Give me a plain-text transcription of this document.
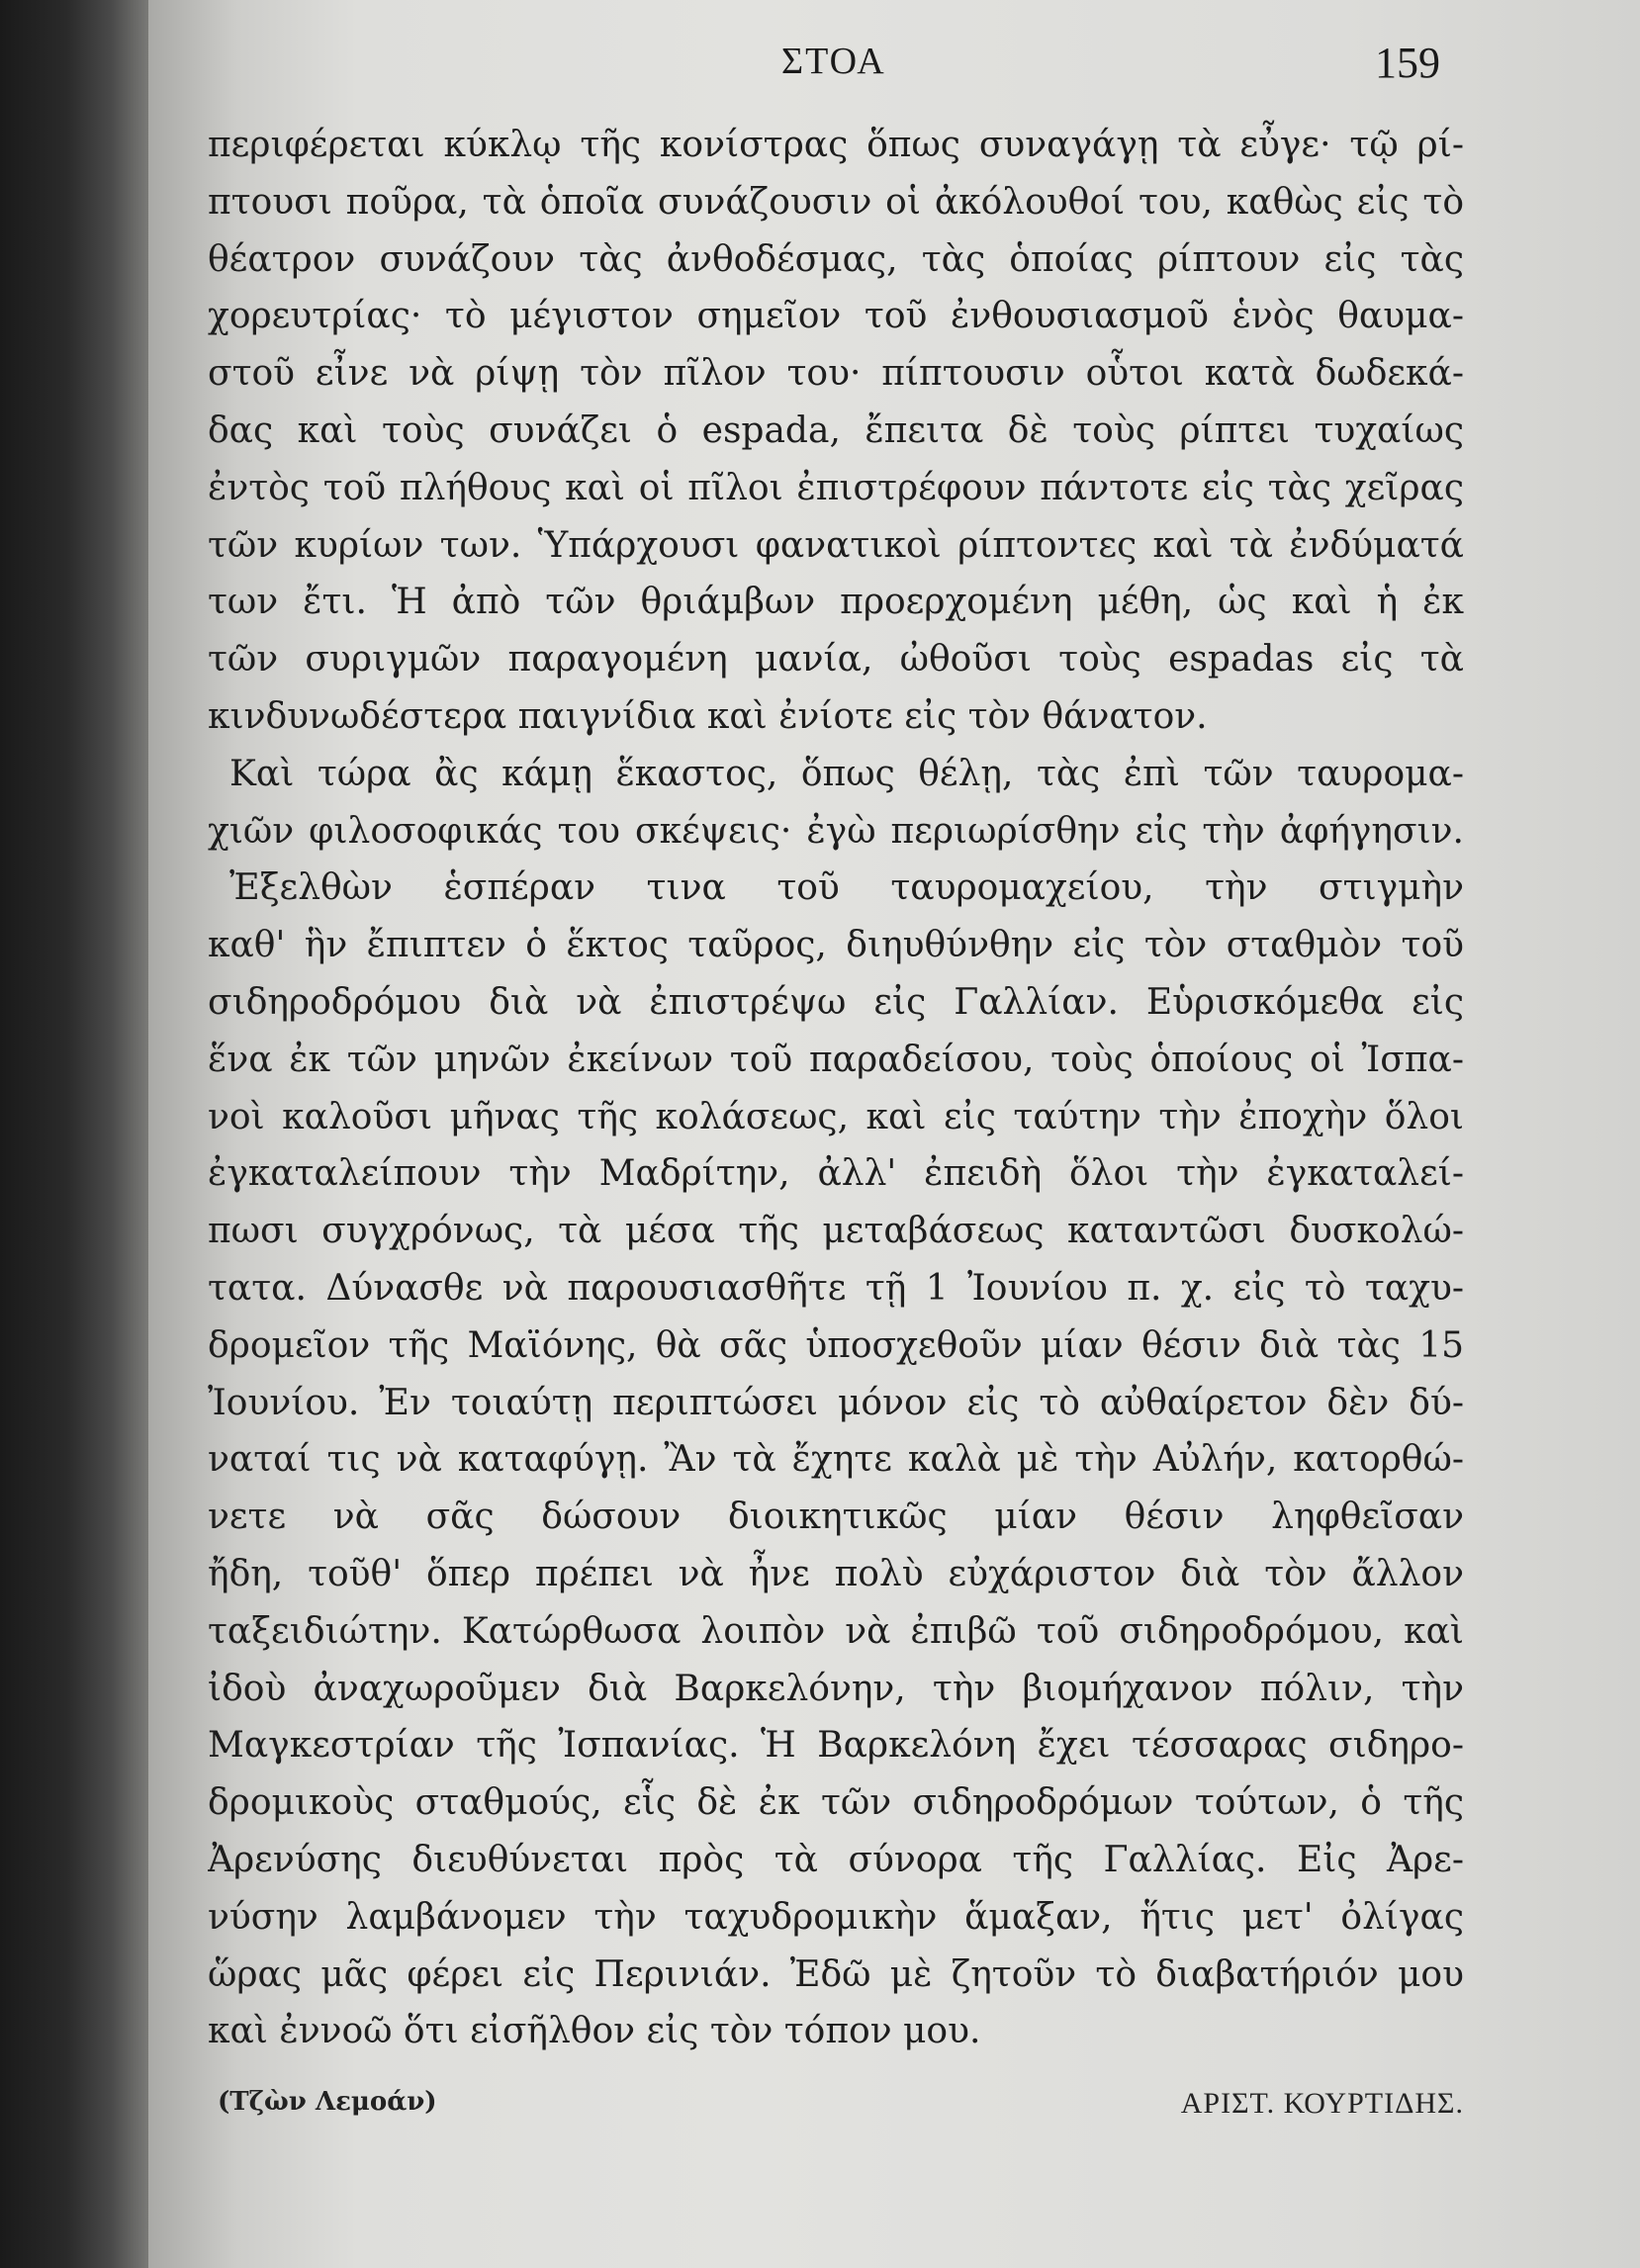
ΣΤΟΑ	159
περιφέρεται κύκλῳ τῆς κονίστρας ὅπως συναγάγῃ τὰ εὖγε· τῷ ρί-
πτουσι ποῦρα, τὰ ὁποῖα συνάζουσιν οἱ ἀκόλουθοί του, καθὼς εἰς τὸ
θέατρον συνάζουν τὰς ἀνθοδέσμας, τὰς ὁποίας ρίπτουν εἰς τὰς
χορευτρίας· τὸ μέγιστον σημεῖον τοῦ ἐνθουσιασμοῦ ἑνὸς θαυμα-
στοῦ εἶνε νὰ ρίψῃ τὸν πῖλον του· πίπτουσιν οὗτοι κατὰ δωδεκά-
δας καὶ τοὺς συνάζει ὁ espada, ἔπειτα δὲ τοὺς ρίπτει τυχαίως
ἐντὸς τοῦ πλήθους καὶ οἱ πῖλοι ἐπιστρέφουν πάντοτε εἰς τὰς χεῖρας
τῶν κυρίων των. Ὑπάρχουσι φανατικοὶ ρίπτοντες καὶ τὰ ἐνδύματά
των ἔτι. Ἡ ἀπὸ τῶν θριάμβων προερχομένη μέθη, ὡς καὶ ἡ ἐκ
τῶν συριγμῶν παραγομένη μανία, ὠθοῦσι τοὺς espadas εἰς τὰ
κινδυνωδέστερα παιγνίδια καὶ ἐνίοτε εἰς τὸν θάνατον.
Καὶ τώρα ἂς κάμῃ ἕκαστος, ὅπως θέλῃ, τὰς ἐπὶ τῶν ταυρομα-
χιῶν φιλοσοφικάς του σκέψεις· ἐγὼ περιωρίσθην εἰς τὴν ἀφήγησιν.
Ἐξελθὼν ἑσπέραν τινα τοῦ ταυρομαχείου, τὴν στιγμὴν
καθ' ἣν ἔπιπτεν ὁ ἕκτος ταῦρος, διηυθύνθην εἰς τὸν σταθμὸν τοῦ
σιδηροδρόμου διὰ νὰ ἐπιστρέψω εἰς Γαλλίαν. Εὑρισκόμεθα εἰς
ἕνα ἐκ τῶν μηνῶν ἐκείνων τοῦ παραδείσου, τοὺς ὁποίους οἱ Ἰσπα-
νοὶ καλοῦσι μῆνας τῆς κολάσεως, καὶ εἰς ταύτην τὴν ἐποχὴν ὅλοι
ἐγκαταλείπουν τὴν Μαδρίτην, ἀλλ' ἐπειδὴ ὅλοι τὴν ἐγκαταλεί-
πωσι συγχρόνως, τὰ μέσα τῆς μεταβάσεως καταντῶσι δυσκολώ-
τατα. Δύνασθε νὰ παρουσιασθῆτε τῇ 1 Ἰουνίου π. χ. εἰς τὸ ταχυ-
δρομεῖον τῆς Μαϊόνης, θὰ σᾶς ὑποσχεθοῦν μίαν θέσιν διὰ τὰς 15
Ἰουνίου. Ἐν τοιαύτῃ περιπτώσει μόνον εἰς τὸ αὐθαίρετον δὲν δύ-
ναταί τις νὰ καταφύγῃ. Ἂν τὰ ἔχητε καλὰ μὲ τὴν Αὐλήν, κατορθώ-
νετε νὰ σᾶς δώσουν διοικητικῶς μίαν θέσιν ληφθεῖσαν
ἤδη, τοῦθ' ὅπερ πρέπει νὰ ἦνε πολὺ εὐχάριστον διὰ τὸν ἄλλον
ταξειδιώτην. Κατώρθωσα λοιπὸν νὰ ἐπιβῶ τοῦ σιδηροδρόμου, καὶ
ἰδοὺ ἀναχωροῦμεν διὰ Βαρκελόνην, τὴν βιομήχανον πόλιν, τὴν
Μαγκεστρίαν τῆς Ἰσπανίας. Ἡ Βαρκελόνη ἔχει τέσσαρας σιδηρο-
δρομικοὺς σταθμούς, εἷς δὲ ἐκ τῶν σιδηροδρόμων τούτων, ὁ τῆς
Ἀρενύσης διευθύνεται πρὸς τὰ σύνορα τῆς Γαλλίας. Εἰς Ἀρε-
νύσην λαμβάνομεν τὴν ταχυδρομικὴν ἅμαξαν, ἥτις μετ' ὀλίγας
ὥρας μᾶς φέρει εἰς Περινιάν. Ἐδῶ μὲ ζητοῦν τὸ διαβατήριόν μου
καὶ ἐννοῶ ὅτι εἰσῆλθον εἰς τὸν τόπον μου.
(Τζὼν Λεμοάν)	ΑΡΙΣΤ. ΚΟΥΡΤΙΔΗΣ.
